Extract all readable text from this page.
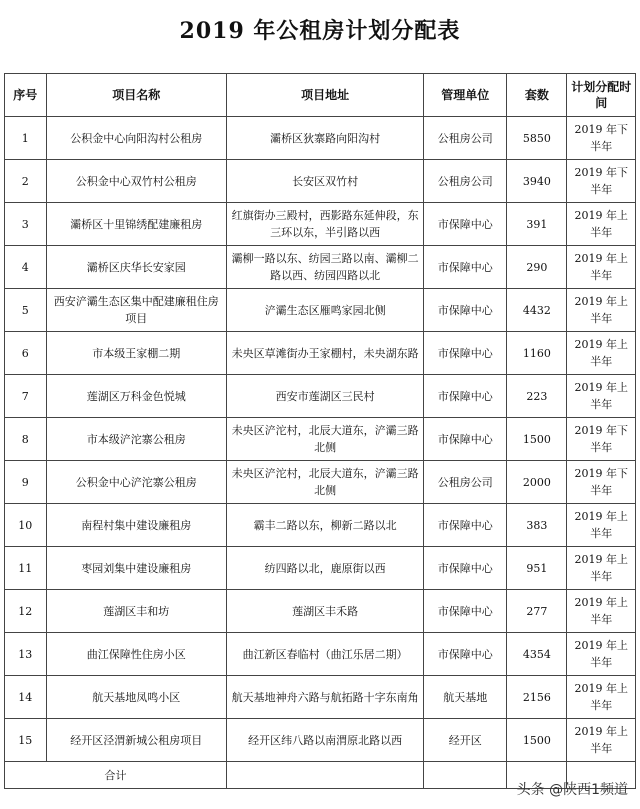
2019 年公租房计划分配表
序号	项目名称	项目地址	管理单位	套数	计划分配时间
1	公积金中心向阳沟村公租房	灞桥区狄寨路向阳沟村	公租房公司	5850	2019 年下半年
2	公积金中心双竹村公租房	长安区双竹村	公租房公司	3940	2019 年下半年
3	灞桥区十里锦绣配建廉租房	红旗街办三殿村，西影路东延伸段，东三环以东，半引路以西	市保障中心	391	2019 年上半年
4	灞桥区庆华长安家园	灞柳一路以东、纺园三路以南、灞柳二路以西、纺园四路以北	市保障中心	290	2019 年上半年
5	西安浐灞生态区集中配建廉租住房项目	浐灞生态区雁鸣家园北侧	市保障中心	4432	2019 年上半年
6	市本级王家棚二期	未央区草滩街办王家棚村，未央湖东路	市保障中心	1160	2019 年上半年
7	莲湖区万科金色悦城	西安市莲湖区三民村	市保障中心	223	2019 年上半年
8	市本级浐沱寨公租房	未央区浐沱村，北辰大道东，浐灞三路北侧	市保障中心	1500	2019 年下半年
9	公积金中心浐沱寨公租房	未央区浐沱村，北辰大道东，浐灞三路北侧	公租房公司	2000	2019 年下半年
10	南程村集中建设廉租房	霸丰二路以东，柳新二路以北	市保障中心	383	2019 年上半年
11	枣园刘集中建设廉租房	纺四路以北，鹿原街以西	市保障中心	951	2019 年上半年
12	莲湖区丰和坊	莲湖区丰禾路	市保障中心	277	2019 年上半年
13	曲江保障性住房小区	曲江新区春临村（曲江乐居二期）	市保障中心	4354	2019 年上半年
14	航天基地凤鸣小区	航天基地神舟六路与航拓路十字东南角	航天基地	2156	2019 年上半年
15	经开区泾渭新城公租房项目	经开区纬八路以南渭原北路以西	经开区	1500	2019 年上半年
合计					
头条 @陕西1频道
